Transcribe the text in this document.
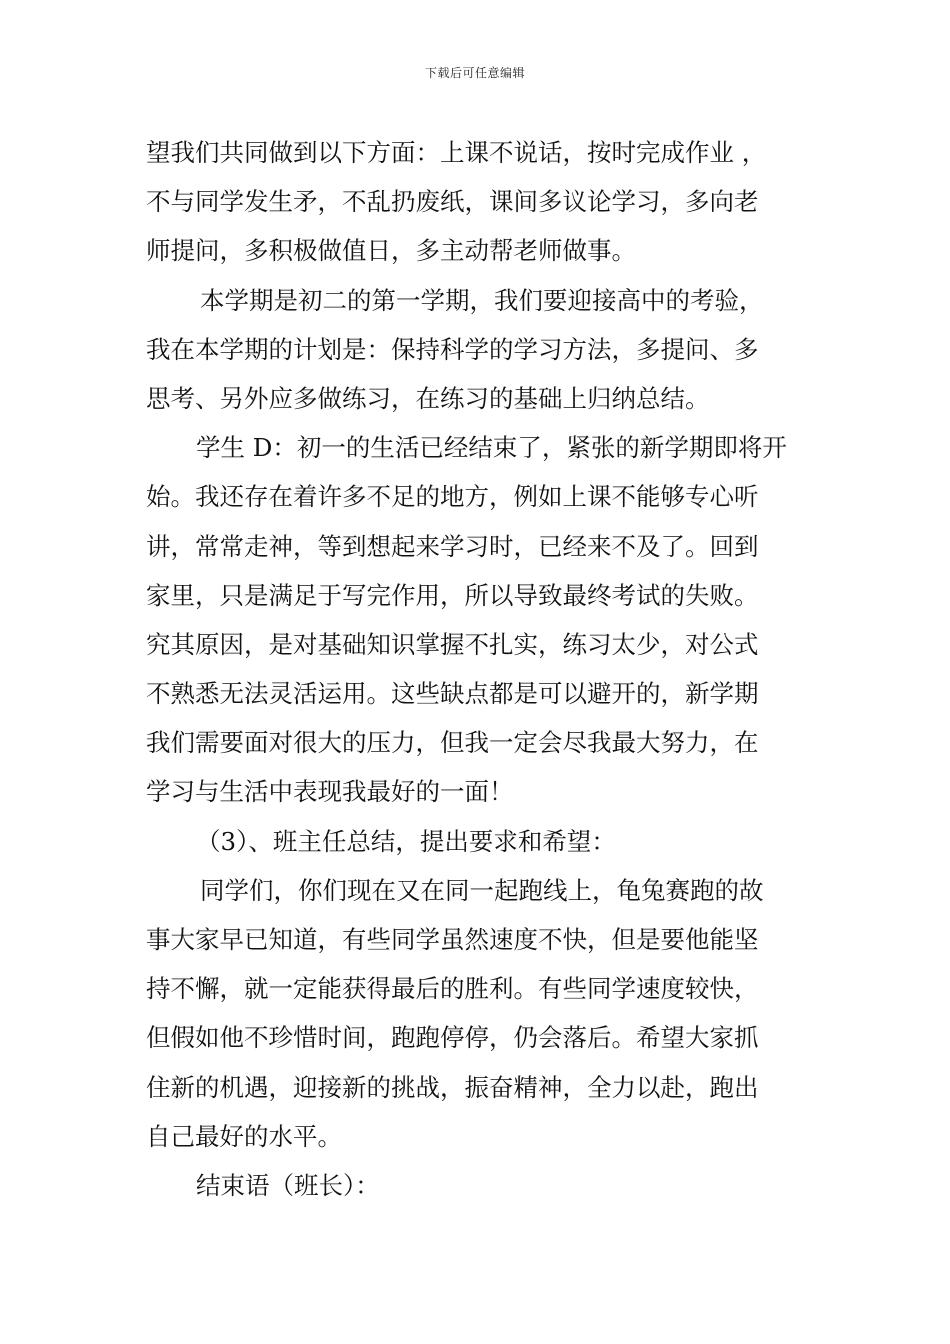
下载后可任意编辑
望我们共同做到以下方面：上课不说话，按时完成作业 ，
不与同学发生矛，不乱扔废纸，课间多议论学习，多向老
师提问，多积极做值日，多主动帮老师做事。
本学期是初二的第一学期，我们要迎接高中的考验，
我在本学期的计划是：保持科学的学习方法，多提问、多
思考、另外应多做练习，在练习的基础上归纳总结。
学生 D：初一的生活已经结束了，紧张的新学期即将开
始。我还存在着许多不足的地方，例如上课不能够专心听
讲，常常走神，等到想起来学习时，已经来不及了。回到
家里，只是满足于写完作用，所以导致最终考试的失败。
究其原因，是对基础知识掌握不扎实，练习太少，对公式
不熟悉无法灵活运用。这些缺点都是可以避开的，新学期
我们需要面对很大的压力，但我一定会尽我最大努力，在
学习与生活中表现我最好的一面！
（3）、班主任总结，提出要求和希望：
同学们，你们现在又在同一起跑线上，龟兔赛跑的故
事大家早已知道，有些同学虽然速度不快，但是要他能坚
持不懈，就一定能获得最后的胜利。有些同学速度较快，
但假如他不珍惜时间，跑跑停停，仍会落后。希望大家抓
住新的机遇，迎接新的挑战，振奋精神，全力以赴，跑出
自己最好的水平。
结束语（班长）：
